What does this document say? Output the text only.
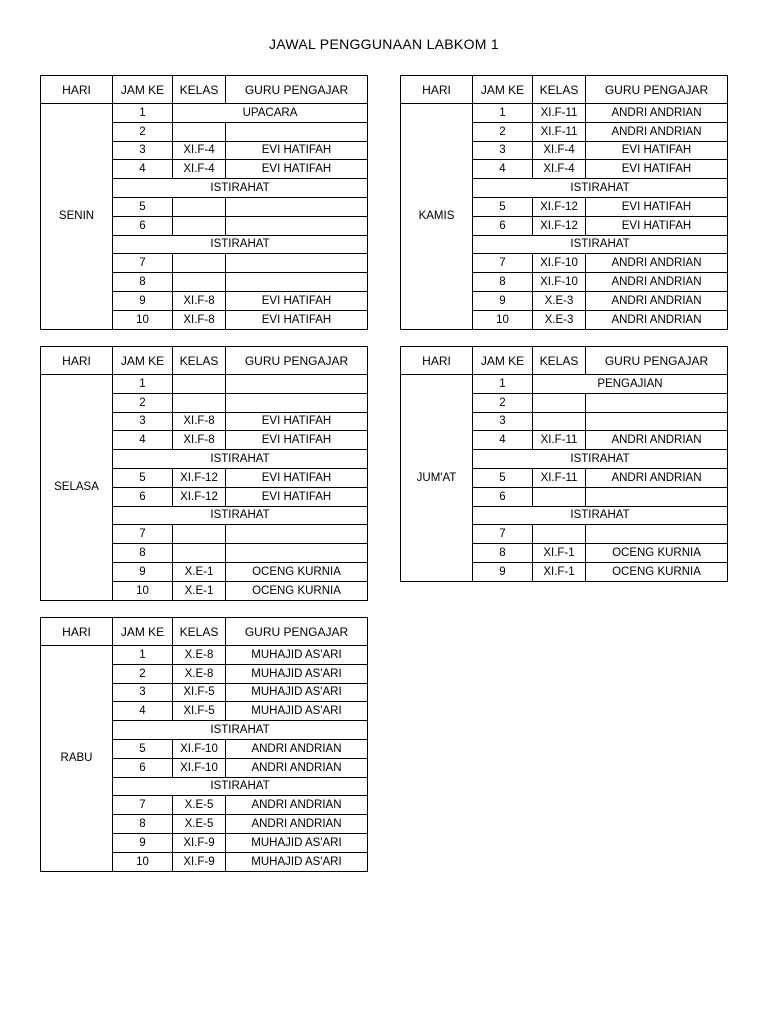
JAWAL PENGGUNAAN LABKOM 1
HARI	JAM KE	KELAS	GURU PENGAJAR
SENIN	1	UPACARA	
	2		
	3	XI.F-4	EVI HATIFAH
	4	XI.F-4	EVI HATIFAH
	ISTIRAHAT		
	5		
	6		
	ISTIRAHAT		
	7		
	8		
	9	XI.F-8	EVI HATIFAH
	10	XI.F-8	EVI HATIFAH
HARI	JAM KE	KELAS	GURU PENGAJAR
KAMIS	1	XI.F-11	ANDRI ANDRIAN
	2	XI.F-11	ANDRI ANDRIAN
	3	XI.F-4	EVI HATIFAH
	4	XI.F-4	EVI HATIFAH
	ISTIRAHAT		
	5	XI.F-12	EVI HATIFAH
	6	XI.F-12	EVI HATIFAH
	ISTIRAHAT		
	7	XI.F-10	ANDRI ANDRIAN
	8	XI.F-10	ANDRI ANDRIAN
	9	X.E-3	ANDRI ANDRIAN
	10	X.E-3	ANDRI ANDRIAN
HARI	JAM KE	KELAS	GURU PENGAJAR
SELASA	1		
	2		
	3	XI.F-8	EVI HATIFAH
	4	XI.F-8	EVI HATIFAH
	ISTIRAHAT		
	5	XI.F-12	EVI HATIFAH
	6	XI.F-12	EVI HATIFAH
	ISTIRAHAT		
	7		
	8		
	9	X.E-1	OCENG KURNIA
	10	X.E-1	OCENG KURNIA
HARI	JAM KE	KELAS	GURU PENGAJAR
JUM'AT	1	PENGAJIAN	
	2		
	3		
	4	XI.F-11	ANDRI ANDRIAN
	ISTIRAHAT		
	5	XI.F-11	ANDRI ANDRIAN
	6		
	ISTIRAHAT		
	7		
	8	XI.F-1	OCENG KURNIA
	9	XI.F-1	OCENG KURNIA
HARI	JAM KE	KELAS	GURU PENGAJAR
RABU	1	X.E-8	MUHAJID AS'ARI
	2	X.E-8	MUHAJID AS'ARI
	3	XI.F-5	MUHAJID AS'ARI
	4	XI.F-5	MUHAJID AS'ARI
	ISTIRAHAT		
	5	XI.F-10	ANDRI ANDRIAN
	6	XI.F-10	ANDRI ANDRIAN
	ISTIRAHAT		
	7	X.E-5	ANDRI ANDRIAN
	8	X.E-5	ANDRI ANDRIAN
	9	XI.F-9	MUHAJID AS'ARI
	10	XI.F-9	MUHAJID AS'ARI
